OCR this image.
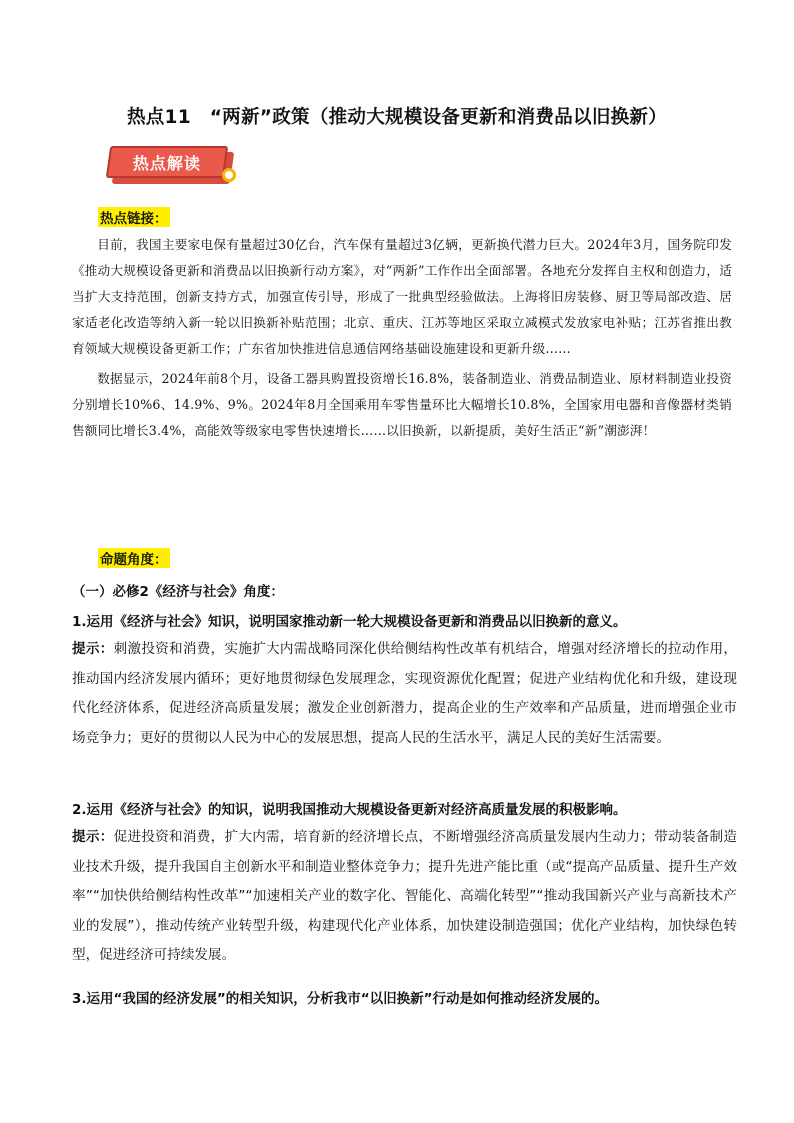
热点11　“两新”政策（推动大规模设备更新和消费品以旧换新）
热点解读
热点链接：

目前，我国主要家电保有量超过30亿台，汽车保有量超过3亿辆，更新换代潜力巨大。2024年3月，国务院印发《推动大规模设备更新和消费品以旧换新行动方案》，对“两新”工作作出全面部署。各地充分发挥自主权和创造力，适当扩大支持范围，创新支持方式，加强宣传引导，形成了一批典型经验做法。上海将旧房装修、厨卫等局部改造、居家适老化改造等纳入新一轮以旧换新补贴范围；北京、重庆、江苏等地区采取立减模式发放家电补贴；江苏省推出教育领域大规模设备更新工作；广东省加快推进信息通信网络基础设施建设和更新升级……

数据显示，2024年前8个月，设备工器具购置投资增长16.8%，装备制造业、消费品制造业、原材料制造业投资分别增长10%6、14.9%、9%。2024年8月全国乘用车零售量环比大幅增长10.8%，全国家用电器和音像器材类销售额同比增长3.4%，高能效等级家电零售快速增长……以旧换新，以新提质，美好生活正“新”潮澎湃！

命题角度：
（一）必修2《经济与社会》角度：
1.运用《经济与社会》知识，说明国家推动新一轮大规模设备更新和消费品以旧换新的意义。
提示：刺激投资和消费，实施扩大内需战略同深化供给侧结构性改革有机结合，增强对经济增长的拉动作用，推动国内经济发展内循环；更好地贯彻绿色发展理念，实现资源优化配置；促进产业结构优化和升级，建设现代化经济体系，促进经济高质量发展；激发企业创新潜力，提高企业的生产效率和产品质量，进而增强企业市场竞争力；更好的贯彻以人民为中心的发展思想，提高人民的生活水平，满足人民的美好生活需要。
2.运用《经济与社会》的知识，说明我国推动大规模设备更新对经济高质量发展的积极影响。
提示：促进投资和消费，扩大内需，培育新的经济增长点，不断增强经济高质量发展内生动力；带动装备制造业技术升级，提升我国自主创新水平和制造业整体竞争力；提升先进产能比重（或“提高产品质量、提升生产效率”“加快供给侧结构性改革”“加速相关产业的数字化、智能化、高端化转型”“推动我国新兴产业与高新技术产业的发展”），推动传统产业转型升级，构建现代化产业体系，加快建设制造强国；优化产业结构，加快绿色转型，促进经济可持续发展。
3.运用“我国的经济发展”的相关知识，分析我市“以旧换新”行动是如何推动经济发展的。
